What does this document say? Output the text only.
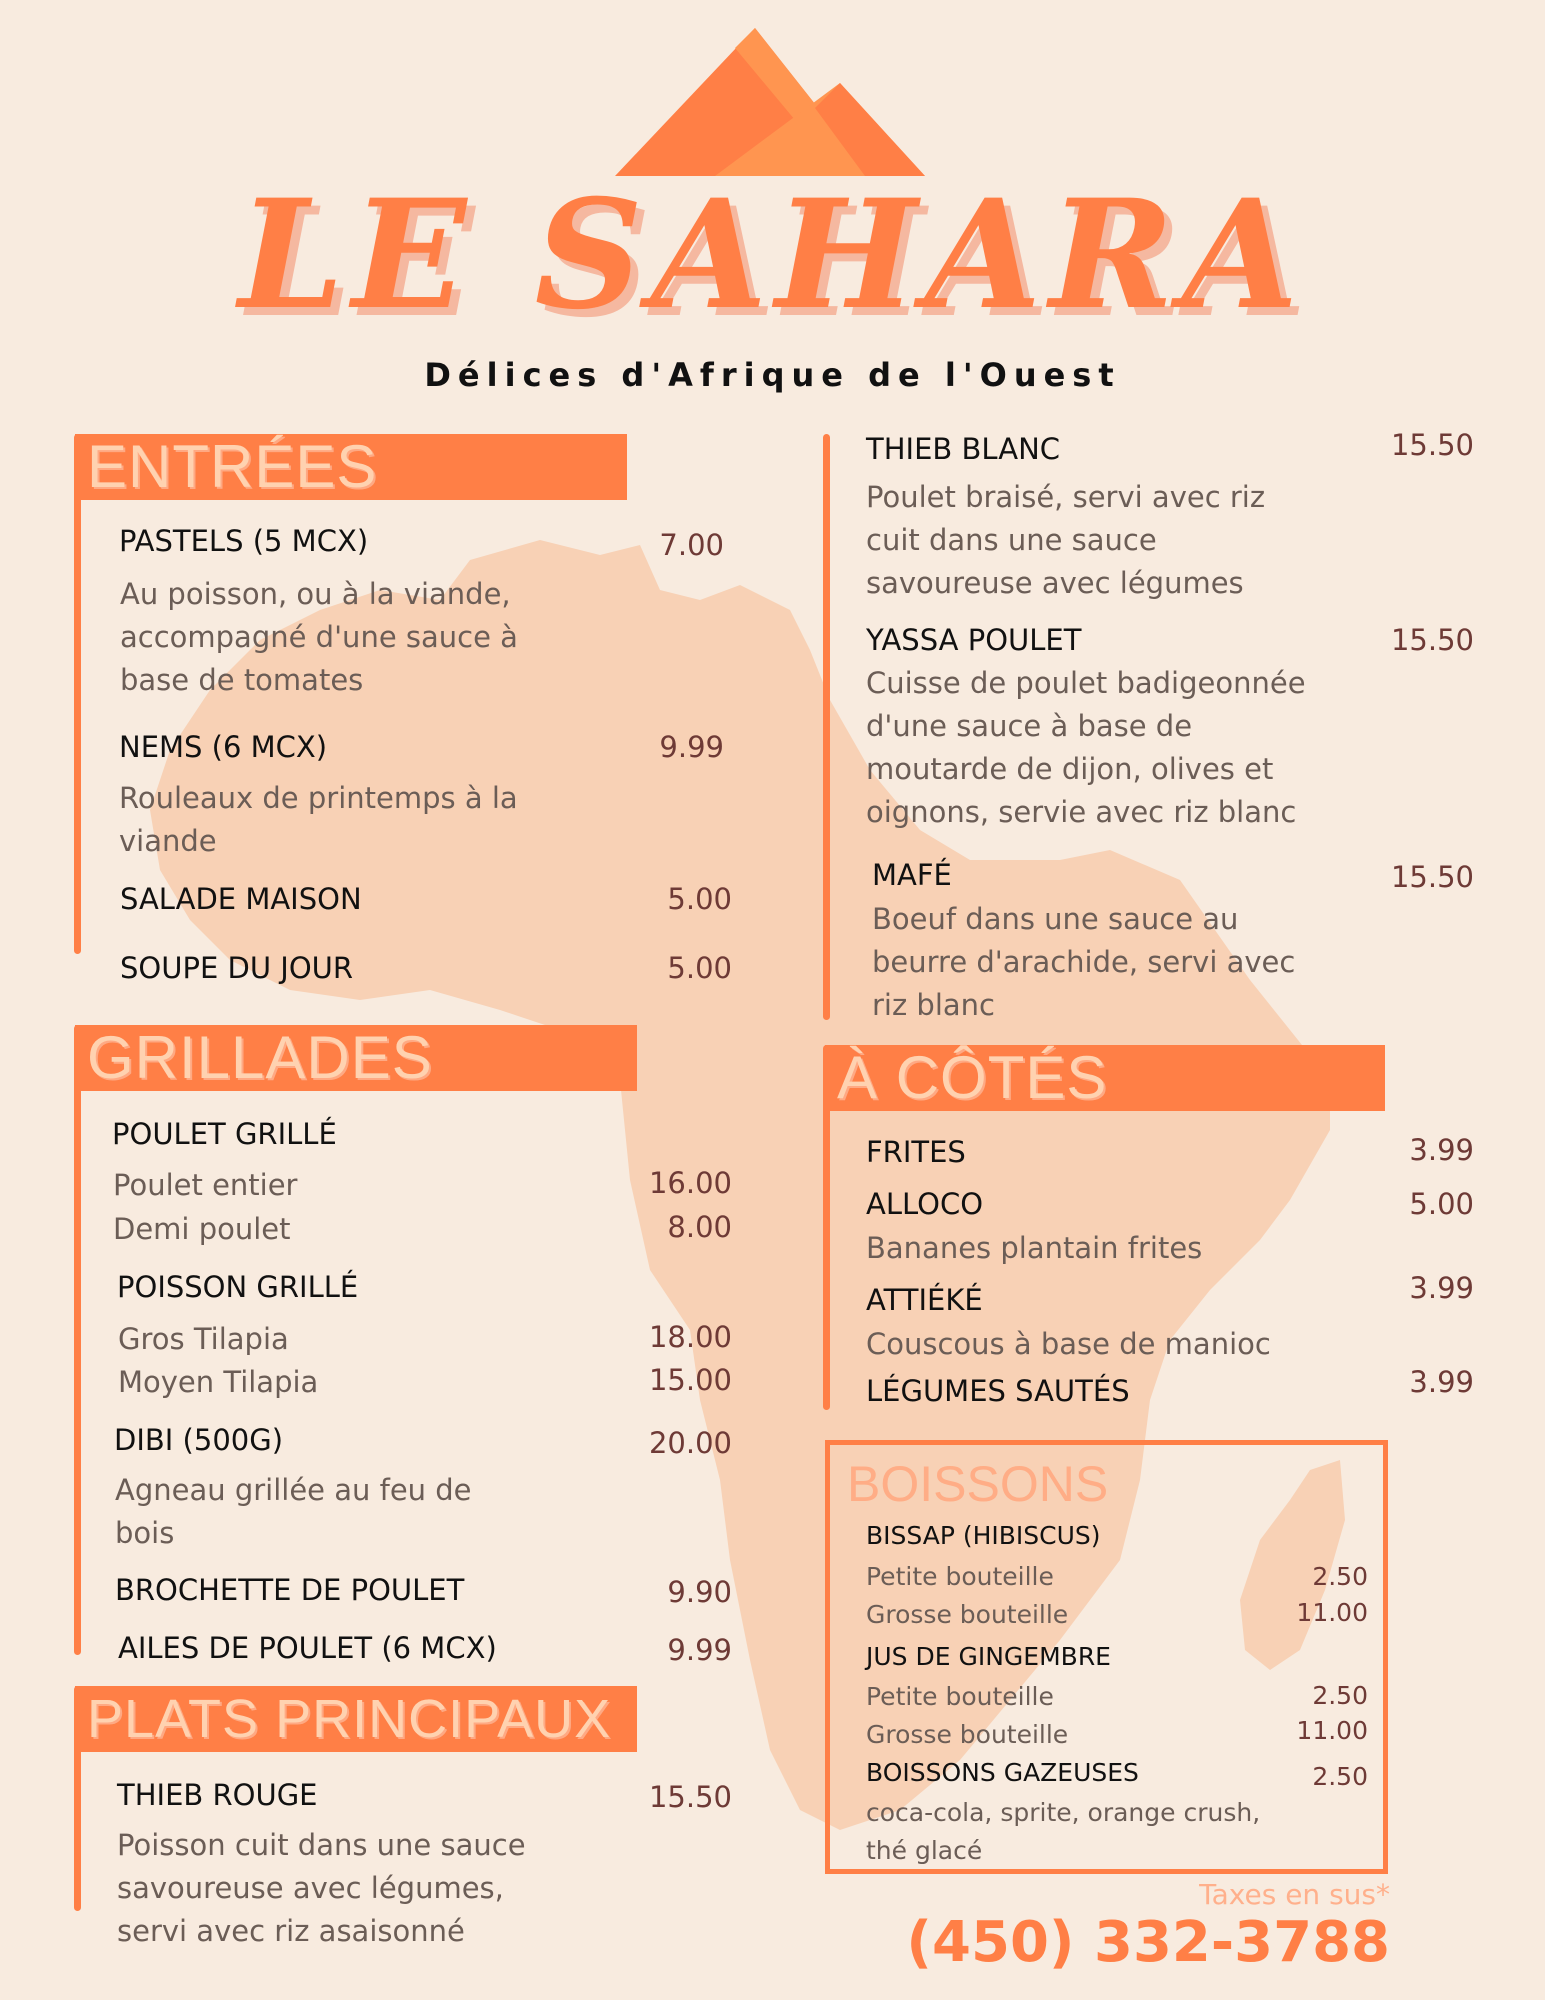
LE SAHARA
Délices d'Afrique de l'Ouest
ENTRÉES
PASTELS (5 MCX)	7.00
Au poisson, ou à la viande,
accompagné d'une sauce à
base de tomates
NEMS (6 MCX)	9.99
Rouleaux de printemps à la
viande
SALADE MAISON	5.00
SOUPE DU JOUR	5.00
GRILLADES
POULET GRILLÉ
Poulet entier	16.00
Demi poulet	8.00
POISSON GRILLÉ
Gros Tilapia	18.00
Moyen Tilapia	15.00
DIBI (500G)	20.00
Agneau grillée au feu de
bois
BROCHETTE DE POULET	9.90
AILES DE POULET (6 MCX)	9.99
PLATS PRINCIPAUX
THIEB ROUGE	15.50
Poisson cuit dans une sauce
savoureuse avec légumes,
servi avec riz asaisonné
THIEB BLANC	15.50
Poulet braisé, servi avec riz
cuit dans une sauce
savoureuse avec légumes
YASSA POULET	15.50
Cuisse de poulet badigeonnée
d'une sauce à base de
moutarde de dijon, olives et
oignons, servie avec riz blanc
MAFÉ	15.50
Boeuf dans une sauce au
beurre d'arachide, servi avec
riz blanc
À CÔTÉS
FRITES	3.99
ALLOCO	5.00
Bananes plantain frites
ATTIÉKÉ	3.99
Couscous à base de manioc
LÉGUMES SAUTÉS	3.99
BOISSONS
BISSAP (HIBISCUS)
Petite bouteille	2.50
Grosse bouteille	11.00
JUS DE GINGEMBRE
Petite bouteille	2.50
Grosse bouteille	11.00
BOISSONS GAZEUSES	2.50
coca-cola, sprite, orange crush,
thé glacé
Taxes en sus*
(450) 332-3788
